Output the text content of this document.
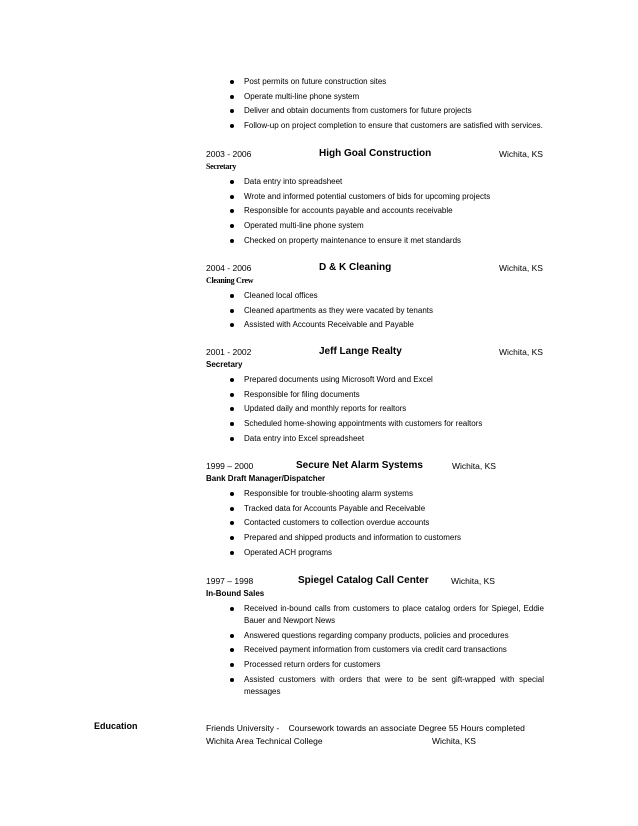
Post permits on future construction sites
Operate multi-line phone system
Deliver and obtain documents from customers for future projects
Follow-up on project completion to ensure that customers are satisfied with services.
2003 - 2006	High Goal Construction	Wichita, KS
Secretary
Data entry into spreadsheet
Wrote and informed potential customers of bids for upcoming projects
Responsible for accounts payable and accounts receivable
Operated multi-line phone system
Checked on property maintenance to ensure it met standards
2004 - 2006	D & K Cleaning	Wichita, KS
Cleaning Crew
Cleaned local offices
Cleaned apartments as they were vacated by tenants
Assisted with Accounts Receivable and Payable
2001 - 2002	Jeff Lange Realty	Wichita, KS
Secretary
Prepared documents using Microsoft Word and Excel
Responsible for filing documents
Updated daily and monthly reports for realtors
Scheduled home-showing appointments with customers for realtors
Data entry into Excel spreadsheet
1999 – 2000	Secure Net Alarm Systems	Wichita, KS
Bank Draft Manager/Dispatcher
Responsible for trouble-shooting alarm systems
Tracked data for Accounts Payable and Receivable
Contacted customers to collection overdue accounts
Prepared and shipped products and information to customers
Operated ACH programs
1997 – 1998	Spiegel Catalog Call Center	Wichita, KS
In-Bound Sales
Received in-bound calls from customers to place catalog orders for Spiegel, Eddie Bauer and Newport News
Answered questions regarding company products, policies and procedures
Received payment information from customers via credit card transactions
Processed return orders for customers
Assisted customers with orders that were to be sent gift-wrapped with special messages
Education	Friends University -    Coursework towards an associate Degree 55 Hours completed
Wichita Area Technical College	Wichita, KS
